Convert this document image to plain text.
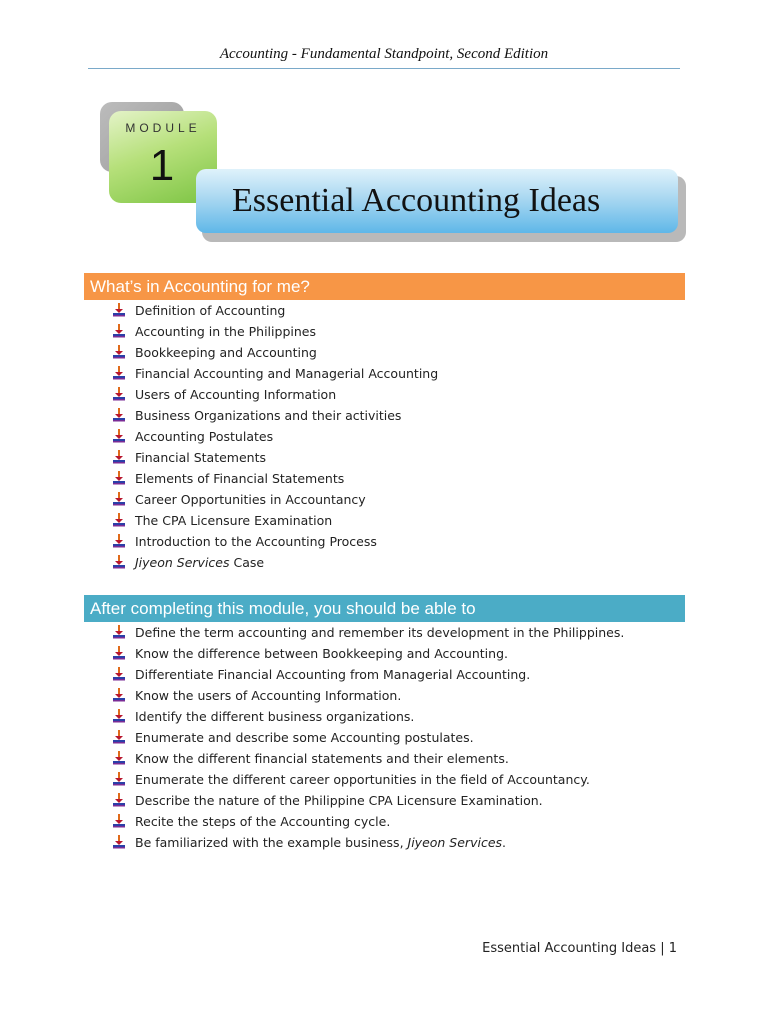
Accounting - Fundamental Standpoint, Second Edition
MODULE
1
Essential Accounting Ideas
What’s in Accounting for me?
Definition of Accounting
Accounting in the Philippines
Bookkeeping and Accounting
Financial Accounting and Managerial Accounting
Users of Accounting Information
Business Organizations and their activities
Accounting Postulates
Financial Statements
Elements of Financial Statements
Career Opportunities in Accountancy
The CPA Licensure Examination
Introduction to the Accounting Process
Jiyeon Services Case
After completing this module, you should be able to
Define the term accounting and remember its development in the Philippines.
Know the difference between Bookkeeping and Accounting.
Differentiate Financial Accounting from Managerial Accounting.
Know the users of Accounting Information.
Identify the different business organizations.
Enumerate and describe some Accounting postulates.
Know the different financial statements and their elements.
Enumerate the different career opportunities in the field of Accountancy.
Describe the nature of the Philippine CPA Licensure Examination.
Recite the steps of the Accounting cycle.
Be familiarized with the example business, Jiyeon Services.
Essential Accounting Ideas | 1
